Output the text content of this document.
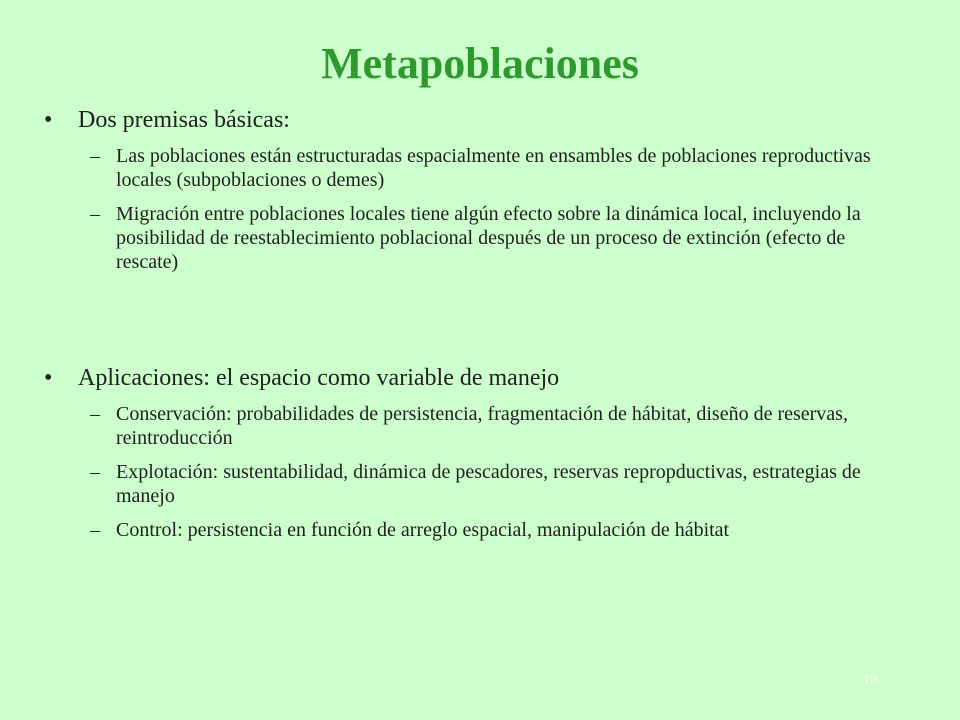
Metapoblaciones
•	Dos premisas básicas:
– Las poblaciones están estructuradas espacialmente en ensambles de poblaciones reproductivas locales (subpoblaciones o demes)
– Migración entre poblaciones locales tiene algún efecto sobre la dinámica local, incluyendo la posibilidad de reestablecimiento poblacional después de un proceso de extinción (efecto de rescate)
•	Aplicaciones: el espacio como variable de manejo
– Conservación: probabilidades de persistencia, fragmentación de hábitat, diseño de reservas, reintroducción
– Explotación: sustentabilidad, dinámica de pescadores, reservas repropductivas, estrategias de manejo
– Control: persistencia en función de arreglo espacial, manipulación de hábitat
19
